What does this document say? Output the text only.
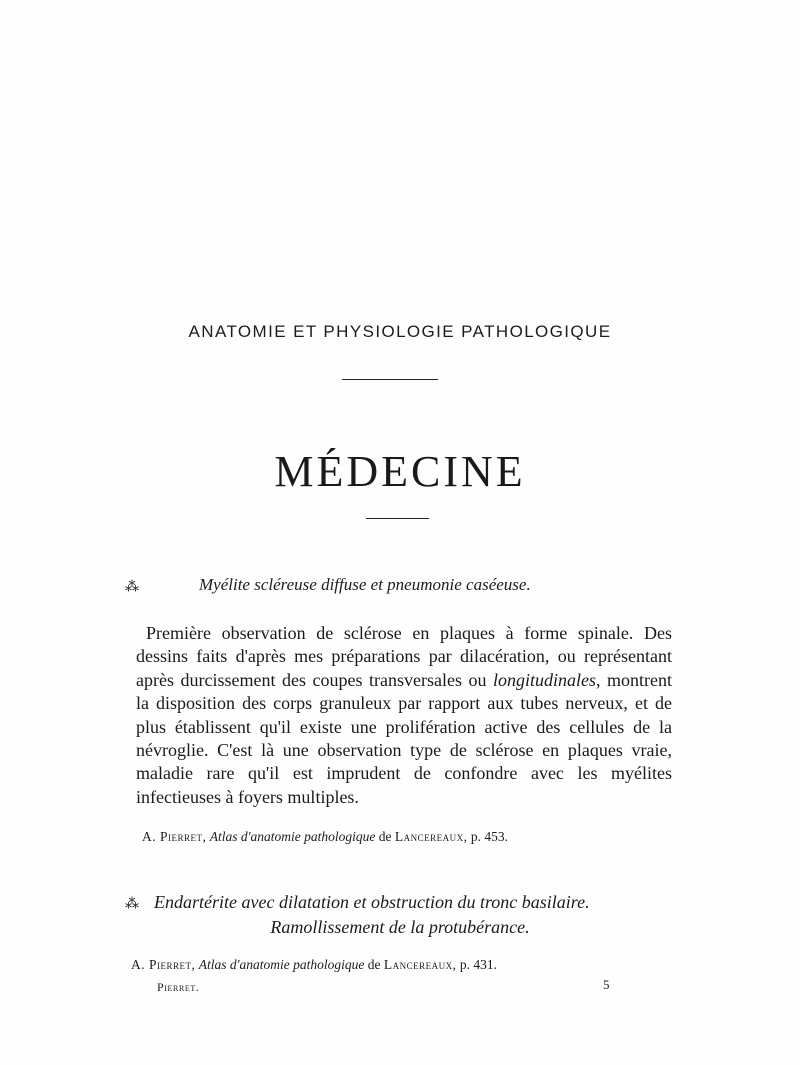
ANATOMIE ET PHYSIOLOGIE PATHOLOGIQUE
MÉDECINE
⁂	Myélite scléreuse diffuse et pneumonie caséeuse.
Première observation de sclérose en plaques à forme spinale. Des dessins faits d'après mes préparations par dilacération, ou représentant après durcissement des coupes transversales ou longitudinales, montrent la disposition des corps granuleux par rapport aux tubes nerveux, et de plus établissent qu'il existe une prolifération active des cellules de la névroglie. C'est là une observation type de sclérose en plaques vraie, maladie rare qu'il est imprudent de confondre avec les myélites infectieuses à foyers multiples.
A. Pierret, Atlas d'anatomie pathologique de Lancereaux, p. 453.
⁂ Endartérite avec dilatation et obstruction du tronc basilaire.
Ramollissement de la protubérance.
A. Pierret, Atlas d'anatomie pathologique de Lancereaux, p. 431.
Pierret.	5
